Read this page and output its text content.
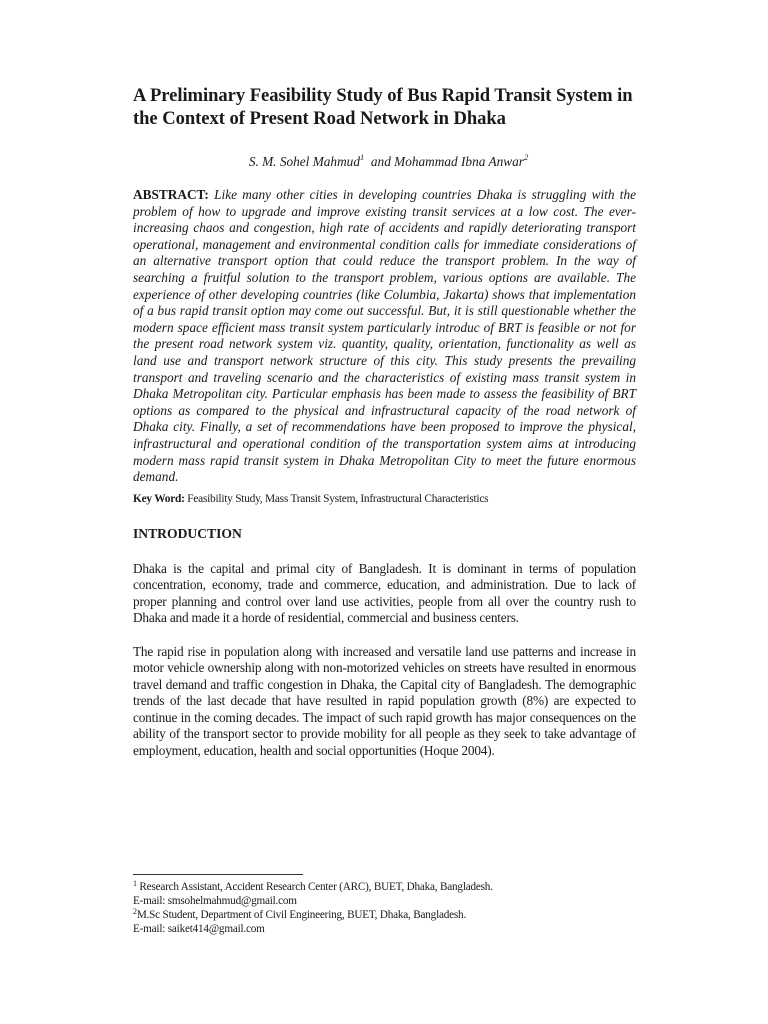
A Preliminary Feasibility Study of Bus Rapid Transit System in the Context of Present Road Network in Dhaka
S. M. Sohel Mahmud$^1$ and Mohammad Ibna Anwar$^2$
ABSTRACT: Like many other cities in developing countries Dhaka is struggling with the problem of how to upgrade and improve existing transit services at a low cost. The ever-increasing chaos and congestion, high rate of accidents and rapidly deteriorating transport operational, management and environmental condition calls for immediate considerations of an alternative transport option that could reduce the transport problem. In the way of searching a fruitful solution to the transport problem, various options are available. The experience of other developing countries (like Columbia, Jakarta) shows that implementation of a bus rapid transit option may come out successful. But, it is still questionable whether the modern space efficient mass transit system particularly introduc of BRT is feasible or not for the present road network system viz. quantity, quality, orientation, functionality as well as land use and transport network structure of this city. This study presents the prevailing transport and traveling scenario and the characteristics of existing mass transit system in Dhaka Metropolitan city. Particular emphasis has been made to assess the feasibility of BRT options as compared to the physical and infrastructural capacity of the road network of Dhaka city. Finally, a set of recommendations have been proposed to improve the physical, infrastructural and operational condition of the transportation system aims at introducing modern mass rapid transit system in Dhaka Metropolitan City to meet the future enormous demand.
Key Word: Feasibility Study, Mass Transit System, Infrastructural Characteristics
INTRODUCTION

Dhaka is the capital and primal city of Bangladesh. It is dominant in terms of population concentration, economy, trade and commerce, education, and administration. Due to lack of proper planning and control over land use activities, people from all over the country rush to Dhaka and made it a horde of residential, commercial and business centers.

The rapid rise in population along with increased and versatile land use patterns and increase in motor vehicle ownership along with non-motorized vehicles on streets have resulted in enormous travel demand and traffic congestion in Dhaka, the Capital city of Bangladesh. The demographic trends of the last decade that have resulted in rapid population growth (8%) are expected to continue in the coming decades. The impact of such rapid growth has major consequences on the ability of the transport sector to provide mobility for all people as they seek to take advantage of employment, education, health and social opportunities (Hoque 2004).

$^1$ Research Assistant, Accident Research Center (ARC), BUET, Dhaka, Bangladesh.
E-mail: smsohelmahmud@gmail.com
$^2$M.Sc Student, Department of Civil Engineering, BUET, Dhaka, Bangladesh.
E-mail: saiket414@gmail.com
